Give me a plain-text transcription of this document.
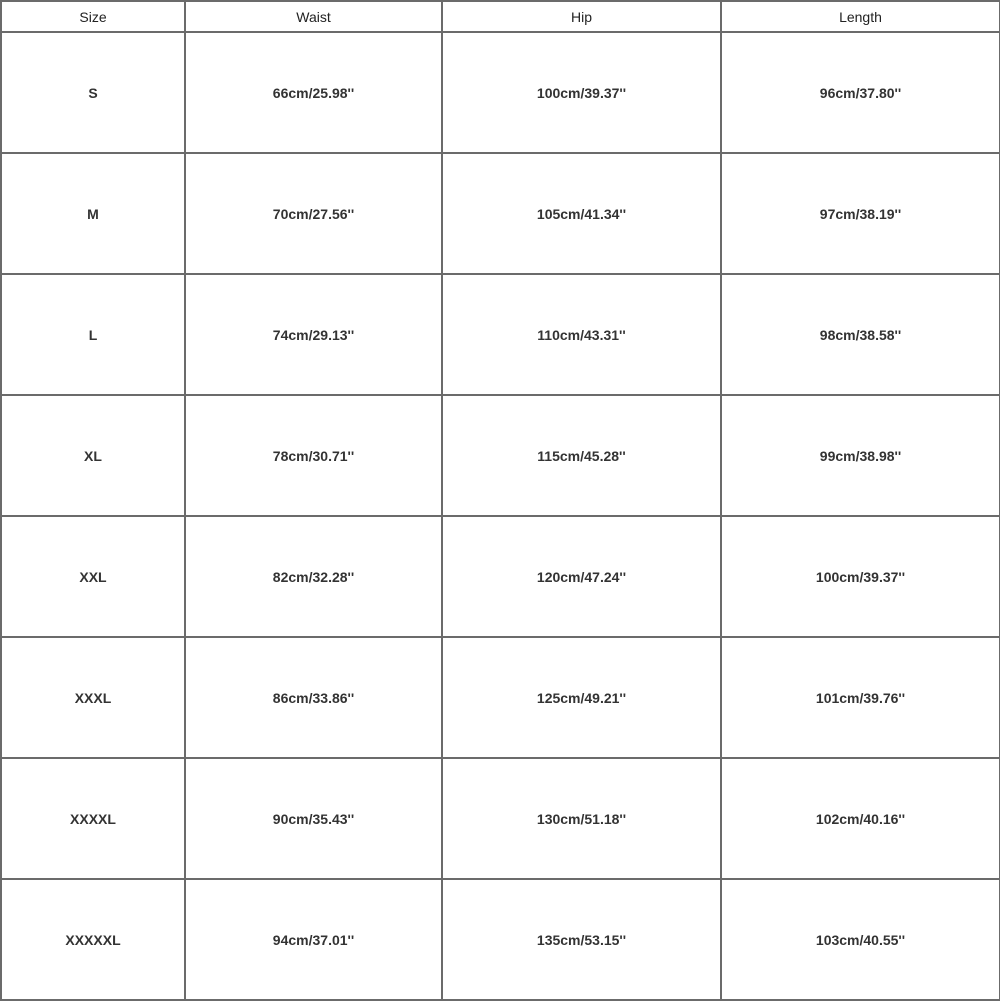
Size	Waist	Hip	Length
S	66cm/25.98''	100cm/39.37''	96cm/37.80''
M	70cm/27.56''	105cm/41.34''	97cm/38.19''
L	74cm/29.13''	110cm/43.31''	98cm/38.58''
XL	78cm/30.71''	115cm/45.28''	99cm/38.98''
XXL	82cm/32.28''	120cm/47.24''	100cm/39.37''
XXXL	86cm/33.86''	125cm/49.21''	101cm/39.76''
XXXXL	90cm/35.43''	130cm/51.18''	102cm/40.16''
XXXXXL	94cm/37.01''	135cm/53.15''	103cm/40.55''
